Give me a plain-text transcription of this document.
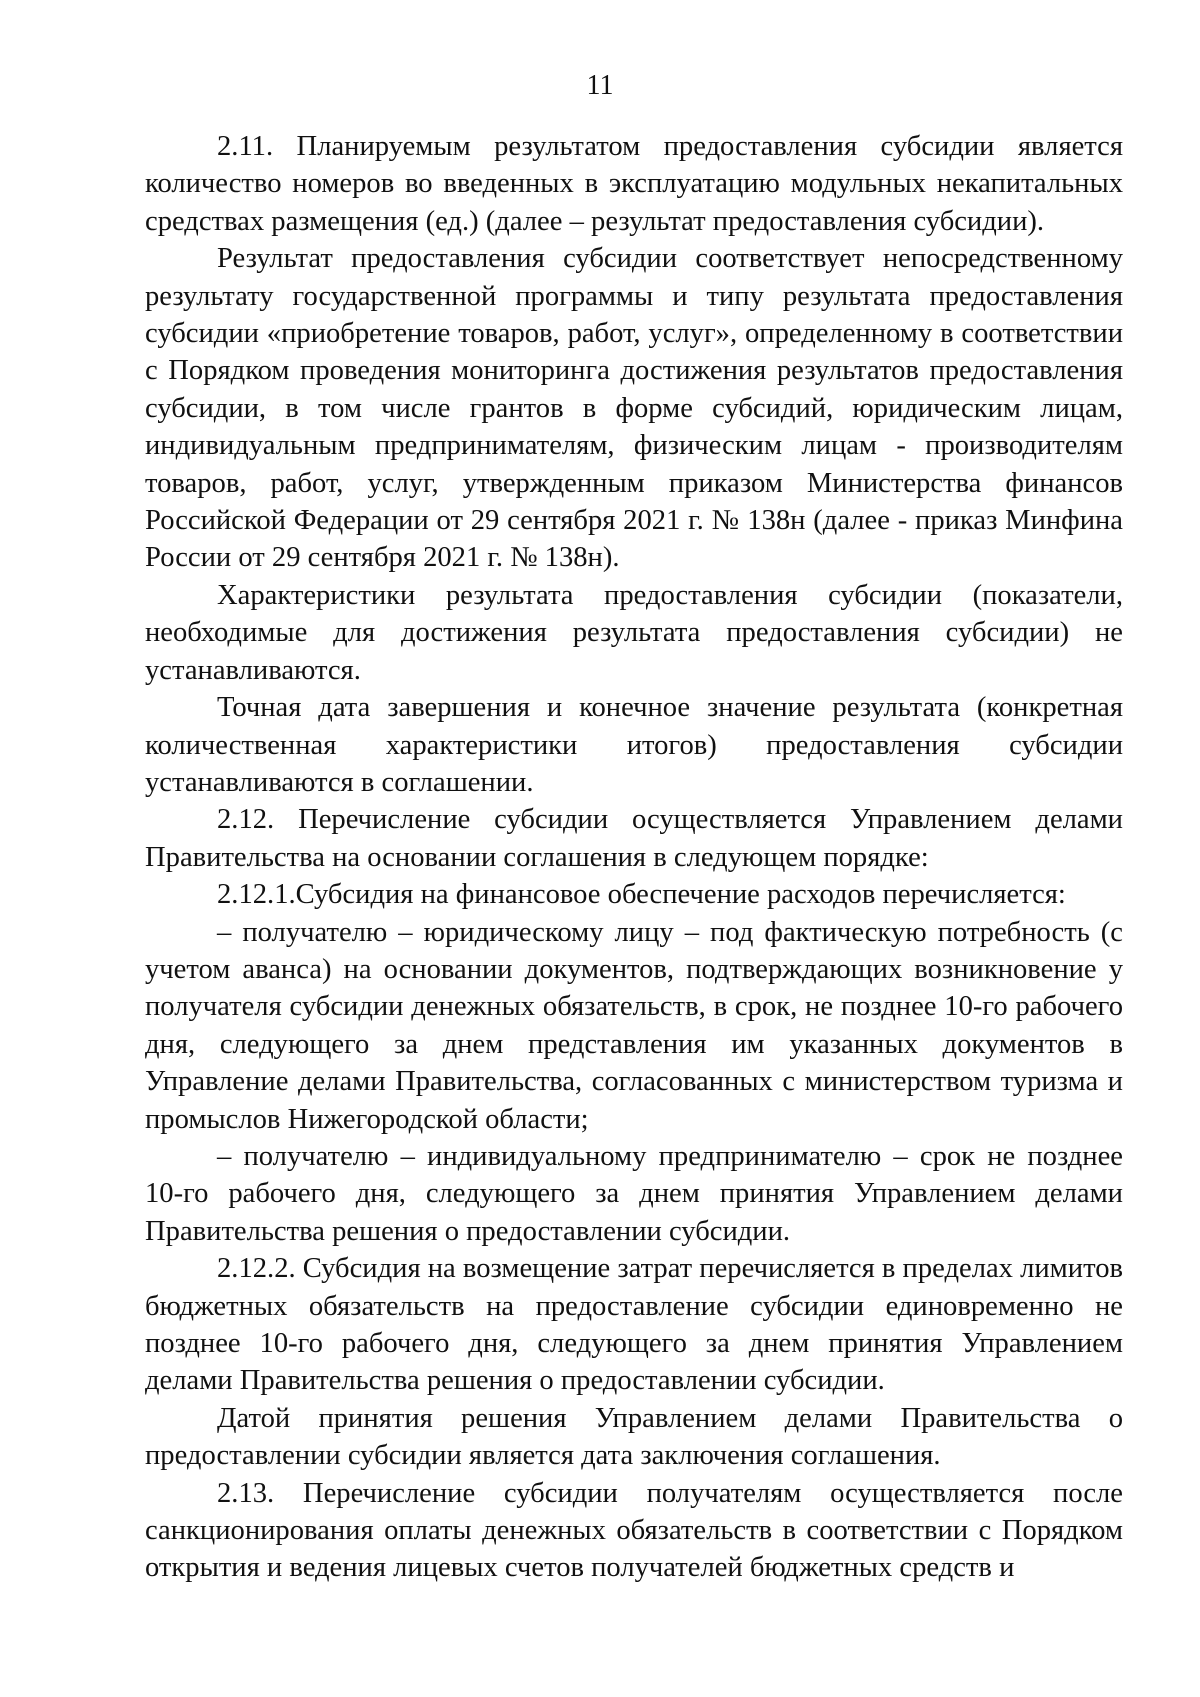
11

2.11. Планируемым результатом предоставления субсидии является количество номеров во введенных в эксплуатацию модульных некапитальных средствах размещения (ед.) (далее – результат предоставления субсидии).

Результат предоставления субсидии соответствует непосредственному результату государственной программы и типу результата предоставления субсидии «приобретение товаров, работ, услуг», определенному в соответствии с Порядком проведения мониторинга достижения результатов предоставления субсидии, в том числе грантов в форме субсидий, юридическим лицам, индивидуальным предпринимателям, физическим лицам - производителям товаров, работ, услуг, утвержденным приказом Министерства финансов Российской Федерации от 29 сентября 2021 г. № 138н (далее - приказ Минфина России от 29 сентября 2021 г. № 138н).

Характеристики результата предоставления субсидии (показатели, необходимые для достижения результата предоставления субсидии) не устанавливаются.

Точная дата завершения и конечное значение результата (конкретная количественная характеристики итогов) предоставления субсидии устанавливаются в соглашении.

2.12. Перечисление субсидии осуществляется Управлением делами Правительства на основании соглашения в следующем порядке:

2.12.1.Субсидия на финансовое обеспечение расходов перечисляется:

– получателю – юридическому лицу – под фактическую потребность (с учетом аванса) на основании документов, подтверждающих возникновение у получателя субсидии денежных обязательств, в срок, не позднее 10-го рабочего дня, следующего за днем представления им указанных документов в Управление делами Правительства, согласованных с министерством туризма и промыслов Нижегородской области;

– получателю – индивидуальному предпринимателю – срок не позднее 10-го рабочего дня, следующего за днем принятия Управлением делами Правительства решения о предоставлении субсидии.

2.12.2. Субсидия на возмещение затрат перечисляется в пределах лимитов бюджетных обязательств на предоставление субсидии единовременно не позднее 10-го рабочего дня, следующего за днем принятия Управлением делами Правительства решения о предоставлении субсидии.

Датой принятия решения Управлением делами Правительства о предоставлении субсидии является дата заключения соглашения.

2.13. Перечисление субсидии получателям осуществляется после санкционирования оплаты денежных обязательств в соответствии с Порядком открытия и ведения лицевых счетов получателей бюджетных средств и
